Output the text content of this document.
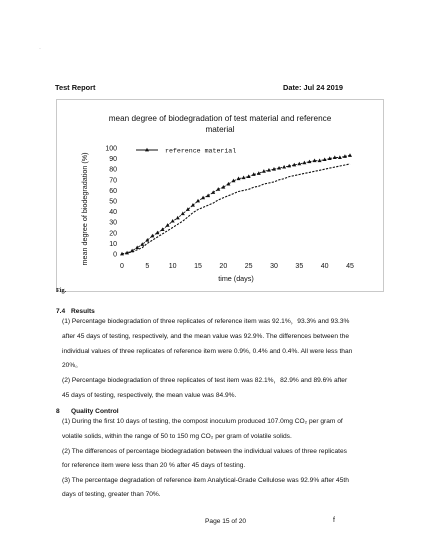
·
Test Report	Date: Jul 24 2019
mean degree of biodegradation of test material and reference
material
0
10
20
30
40
50
60
70
80
90
100
0	5	10	15	20	25	30	35	40	45
time (days)
mean degree of biodegradation (%)
reference material
Fig.
7.4 Results
(1) Percentage biodegradation of three replicates of reference item was 92.1%，93.3% and 93.3%
after 45 days of testing, respectively, and the mean value was 92.9%. The differences between the
individual values of three replicates of reference item were 0.9%, 0.4% and 0.4%. All were less than
20%。
(2) Percentage biodegradation of three replicates of test item was 82.1%，82.9% and 89.6% after
45 days of testing, respectively, the mean value was 84.9%.
8 Quality Control
(1) During the first 10 days of testing, the compost inoculum produced 107.0mg CO₂ per gram of
volatile solids, within the range of 50 to 150 mg CO₂ per gram of volatile solids.
(2) The differences of percentage biodegradation between the individual values of three replicates
for reference item were less than 20 % after 45 days of testing.
(3) The percentage degradation of reference item Analytical-Grade Cellulose was 92.9% after 45th
days of testing, greater than 70%.
Page 15 of 20	f
